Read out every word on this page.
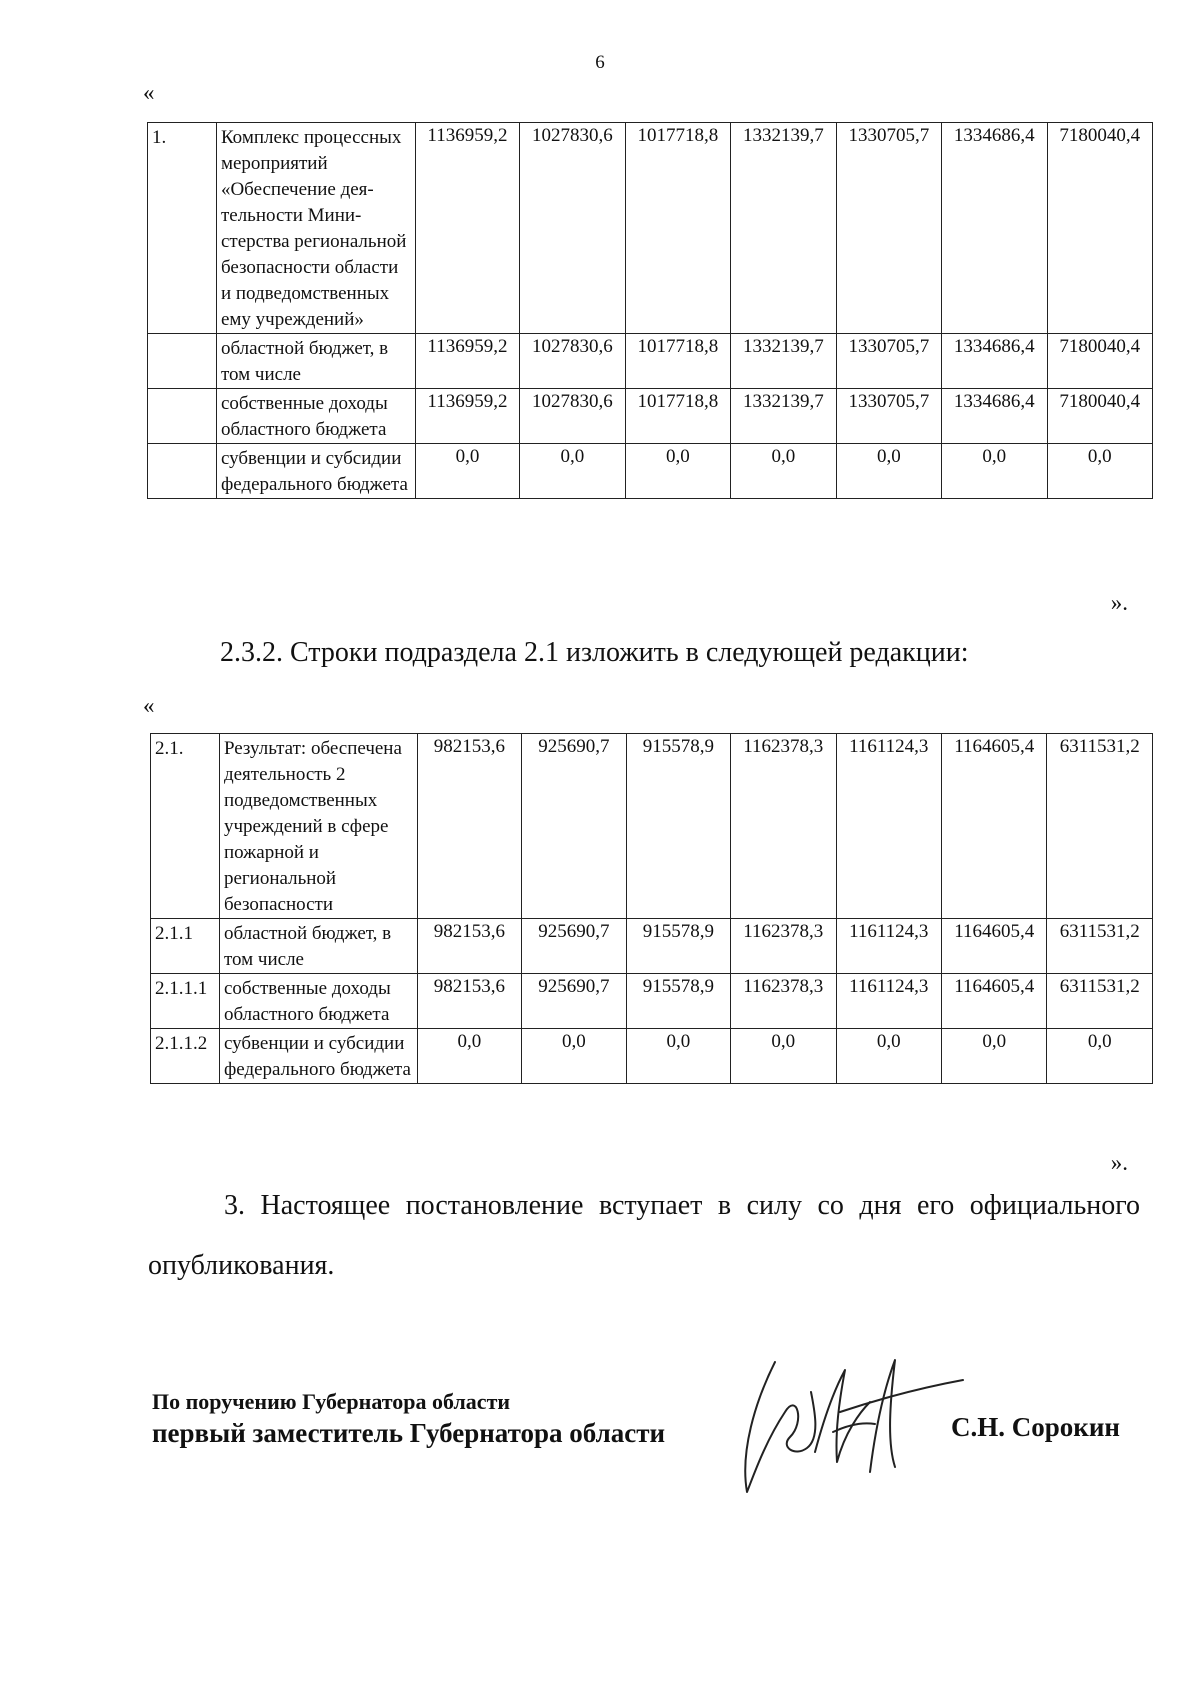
6
«
1.	Комплекс процессных мероприятий «Обеспечение деятельности Министерства региональной безопасности области и подведомственных ему учреждений»	1136959,2	1027830,6	1017718,8	1332139,7	1330705,7	1334686,4	7180040,4
	областной бюджет, в том числе	1136959,2	1027830,6	1017718,8	1332139,7	1330705,7	1334686,4	7180040,4
	собственные доходы областного бюджета	1136959,2	1027830,6	1017718,8	1332139,7	1330705,7	1334686,4	7180040,4
	субвенции и субсидии федерального бюджета	0,0	0,0	0,0	0,0	0,0	0,0	0,0
».
2.3.2. Строки подраздела 2.1 изложить в следующей редакции:
«
2.1.	Результат: обеспечена деятельность 2 подведомственных учреждений в сфере пожарной и региональной безопасности	982153,6	925690,7	915578,9	1162378,3	1161124,3	1164605,4	6311531,2
2.1.1	областной бюджет, в том числе	982153,6	925690,7	915578,9	1162378,3	1161124,3	1164605,4	6311531,2
2.1.1.1	собственные доходы областного бюджета	982153,6	925690,7	915578,9	1162378,3	1161124,3	1164605,4	6311531,2
2.1.1.2	субвенции и субсидии федерального бюджета	0,0	0,0	0,0	0,0	0,0	0,0	0,0
».
3. Настоящее постановление вступает в силу со дня его официального
опубликования.
По поручению Губернатора области
первый заместитель Губернатора области	С.Н. Сорокин
